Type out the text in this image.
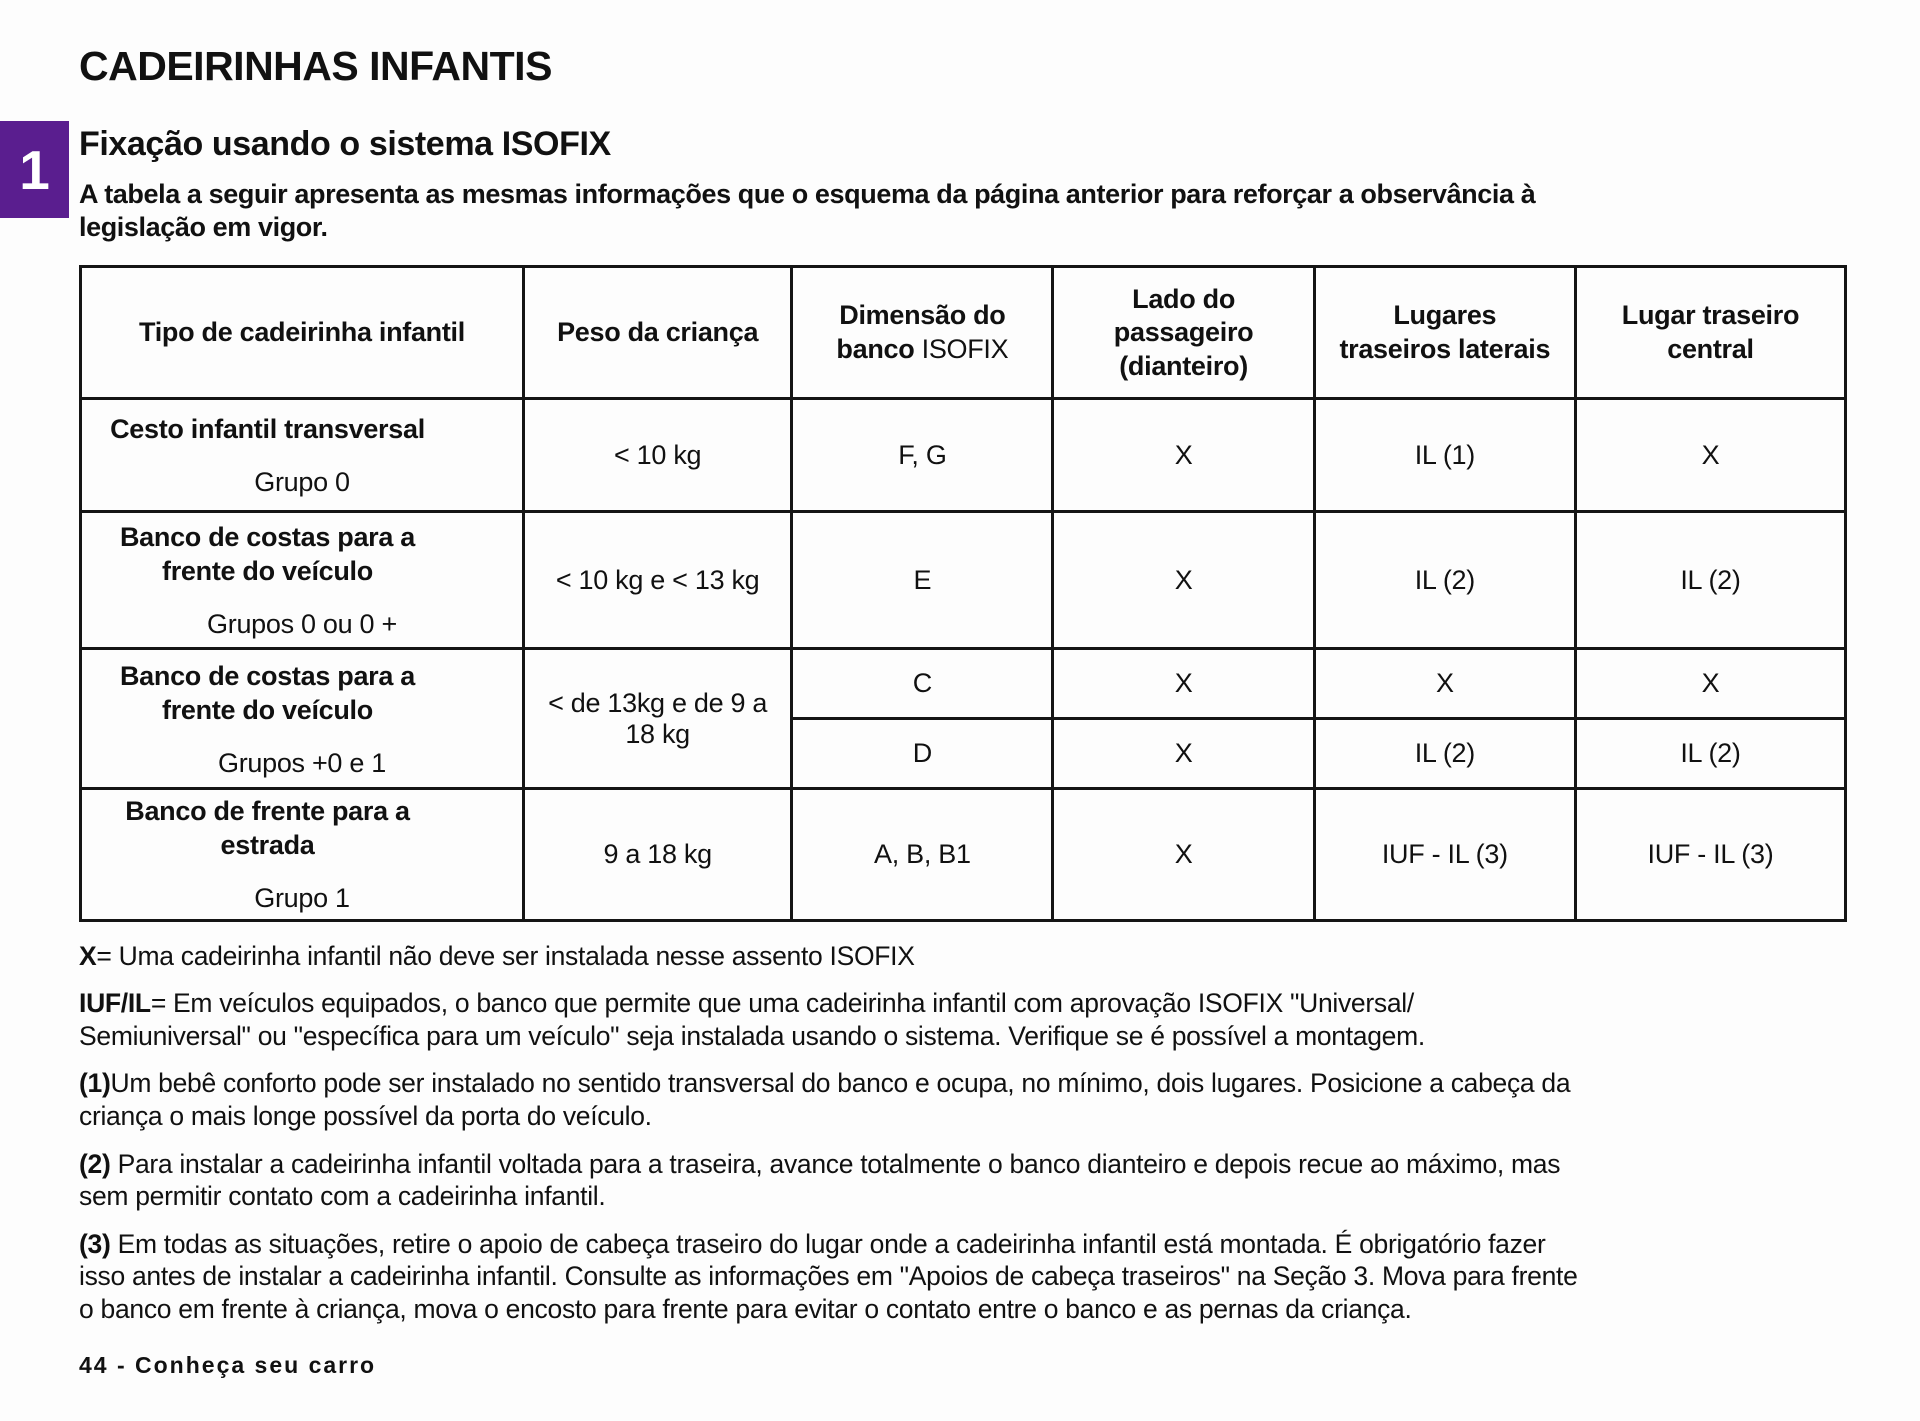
1
CADEIRINHAS INFANTIS
Fixação usando o sistema ISOFIX

A tabela a seguir apresenta as mesmas informações que o esquema da página anterior para reforçar a observância à legislação em vigor.

Tipo de cadeirinha infantil	Peso da criança	Dimensão do banco ISOFIX	Lado do passageiro (dianteiro)	Lugares traseiros laterais	Lugar traseiro central

Cesto infantil transversal
Grupo 0	< 10 kg	F, G	X	IL (1)	X

Banco de costas para a frente do veículo
Grupos 0 ou 0 +	< 10 kg e < 13 kg	E	X	IL (2)	IL (2)

Banco de costas para a frente do veículo
Grupos +0 e 1	< de 13kg e de 9 a 18 kg	C	X	X	X
		D	X	IL (2)	IL (2)

Banco de frente para a estrada
Grupo 1	9 a 18 kg	A, B, B1	X	IUF - IL (3)	IUF - IL (3)

X= Uma cadeirinha infantil não deve ser instalada nesse assento ISOFIX

IUF/IL= Em veículos equipados, o banco que permite que uma cadeirinha infantil com aprovação ISOFIX "Universal/ Semiuniversal" ou "específica para um veículo" seja instalada usando o sistema. Verifique se é possível a montagem.

(1)Um bebê conforto pode ser instalado no sentido transversal do banco e ocupa, no mínimo, dois lugares. Posicione a cabeça da criança o mais longe possível da porta do veículo.

(2) Para instalar a cadeirinha infantil voltada para a traseira, avance totalmente o banco dianteiro e depois recue ao máximo, mas sem permitir contato com a cadeirinha infantil.

(3) Em todas as situações, retire o apoio de cabeça traseiro do lugar onde a cadeirinha infantil está montada. É obrigatório fazer isso antes de instalar a cadeirinha infantil. Consulte as informações em "Apoios de cabeça traseiros" na Seção 3. Mova para frente o banco em frente à criança, mova o encosto para frente para evitar o contato entre o banco e as pernas da criança.

44 - Conheça seu carro
